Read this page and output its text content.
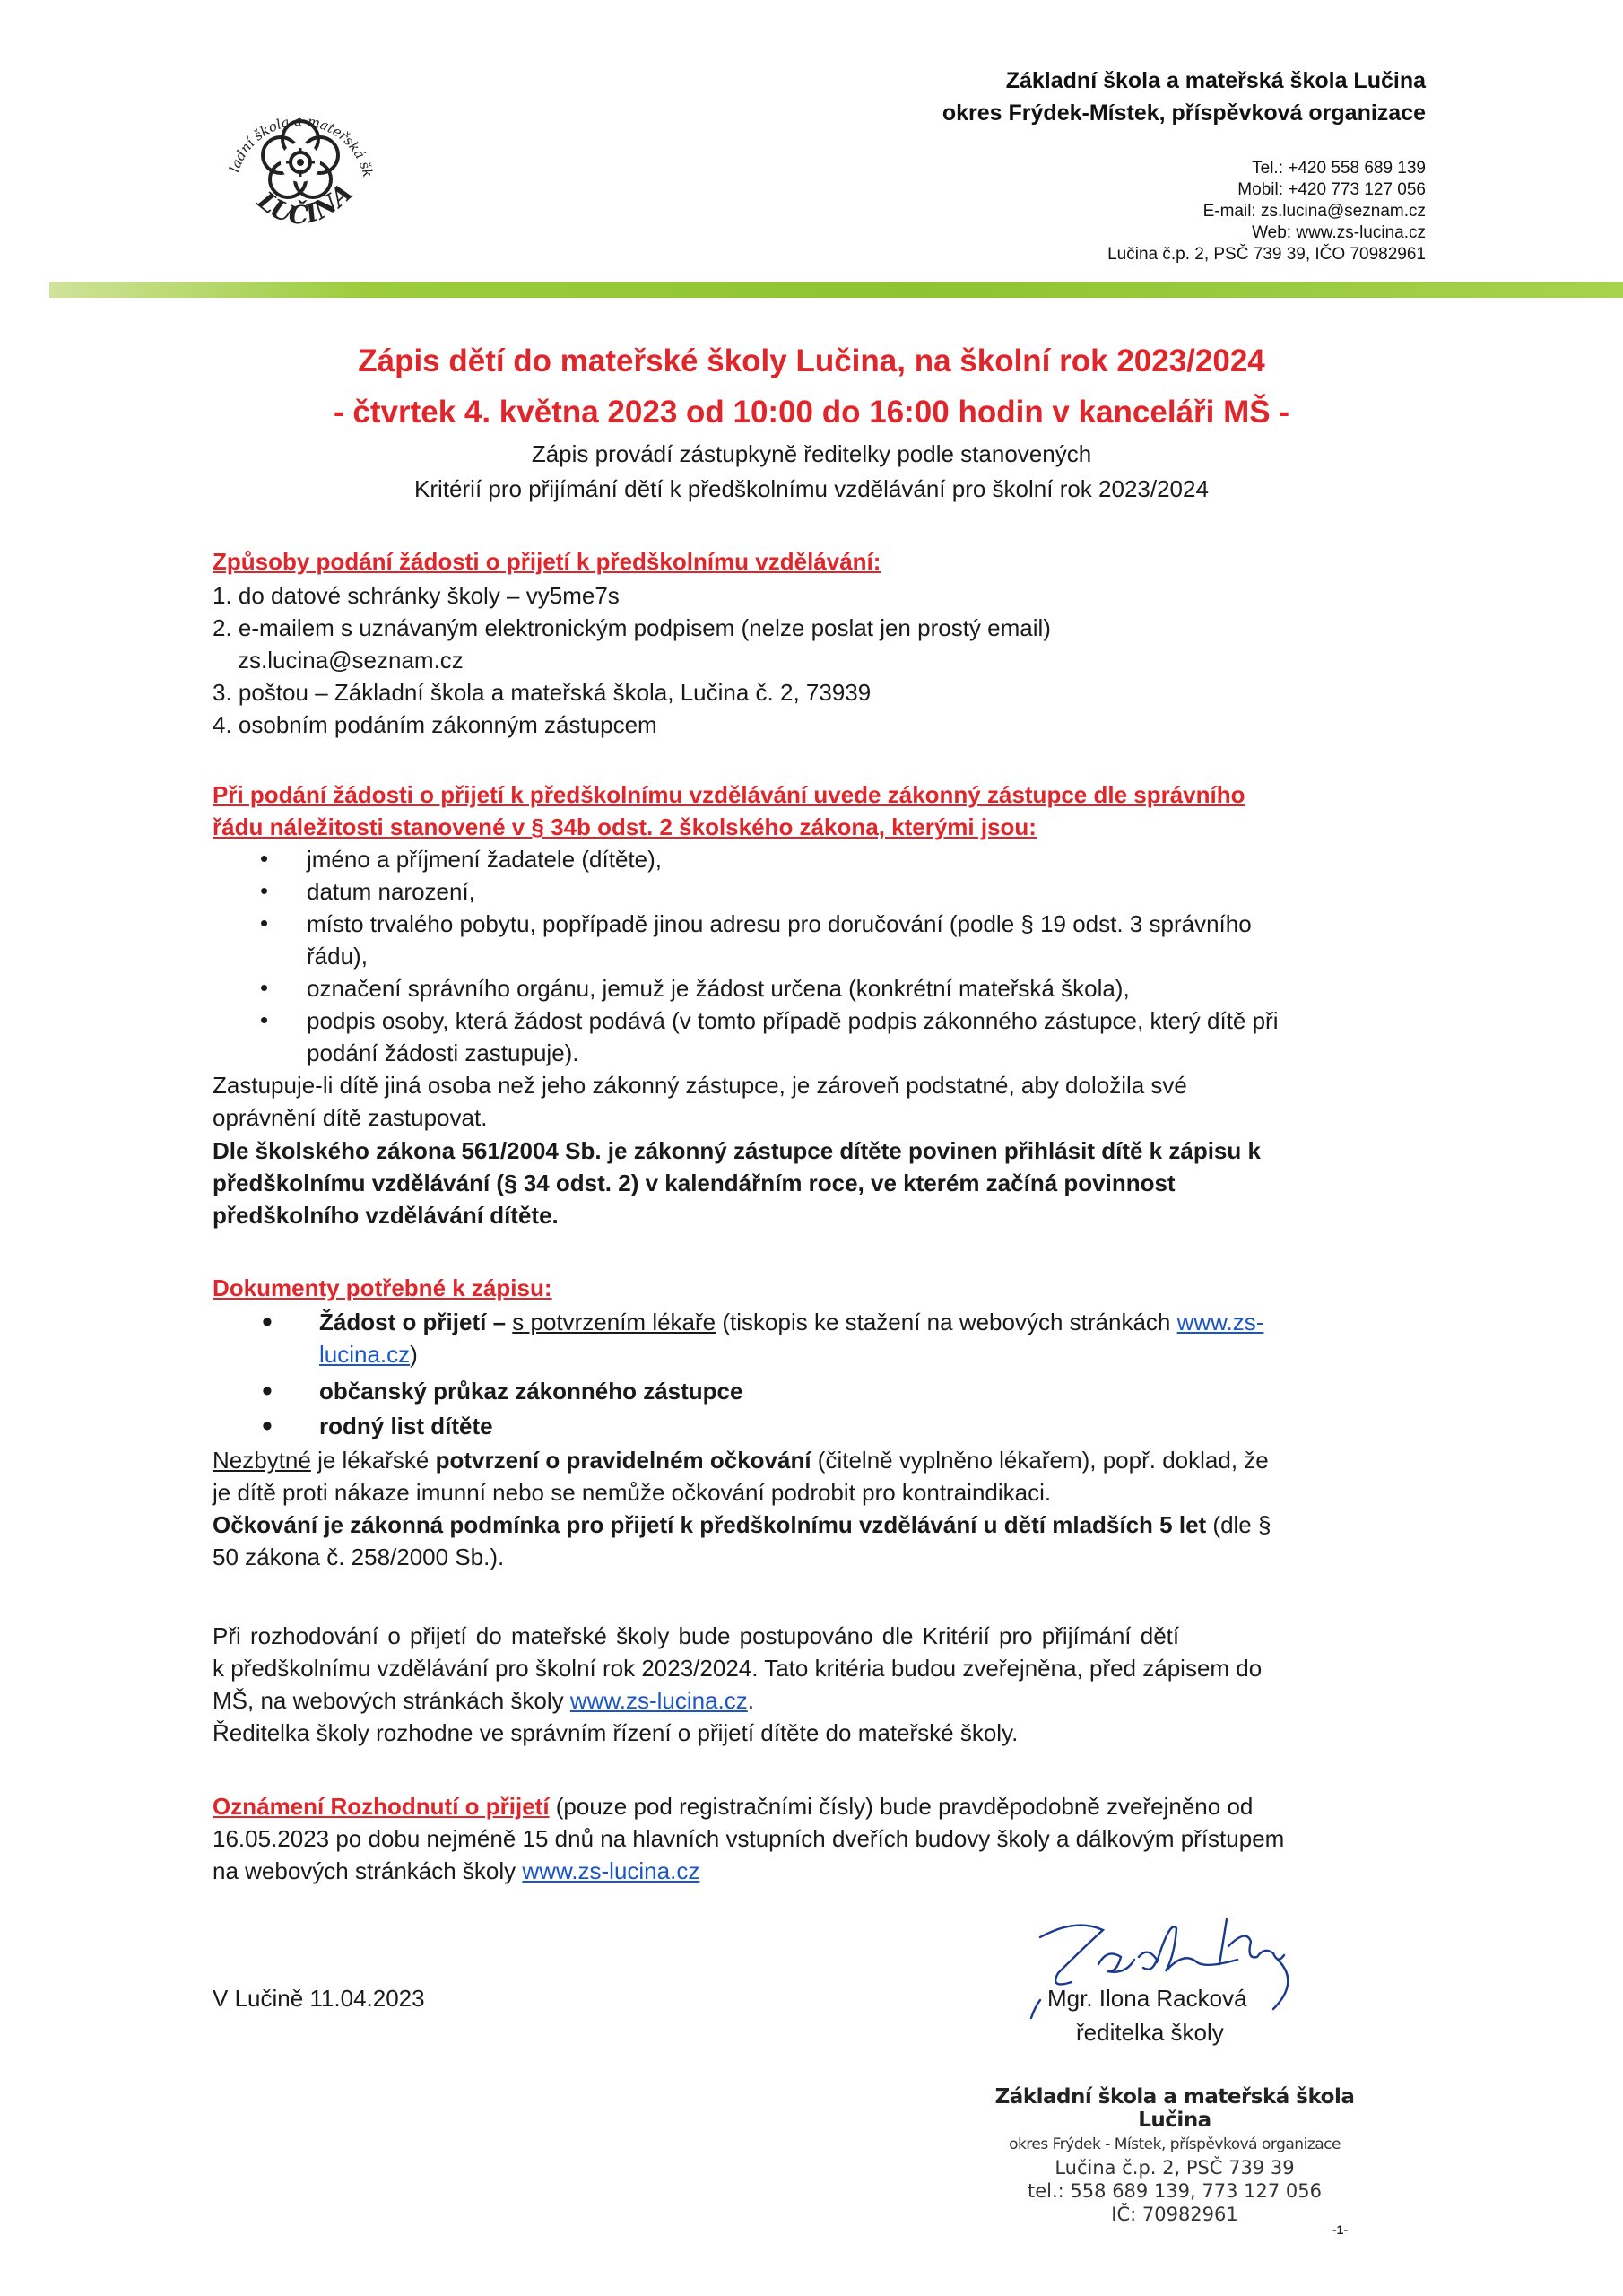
ladní škola a mateřská šk
LUČINA
Základní škola a mateřská škola Lučina
okres Frýdek-Místek, příspěvková organizace
Tel.: +420 558 689 139
Mobil: +420 773 127 056
E-mail: zs.lucina@seznam.cz
Web: www.zs-lucina.cz
Lučina č.p. 2, PSČ 739 39, IČO 70982961
Zápis dětí do mateřské školy Lučina, na školní rok 2023/2024
- čtvrtek 4. května 2023 od 10:00 do 16:00 hodin v kanceláři MŠ -
Zápis provádí zástupkyně ředitelky podle stanovených
Kritérií pro přijímání dětí k předškolnímu vzdělávání pro školní rok 2023/2024
Způsoby podání žádosti o přijetí k předškolnímu vzdělávání:
1. do datové schránky školy – vy5me7s
2. e-mailem s uznávaným elektronickým podpisem (nelze poslat jen prostý email)
zs.lucina@seznam.cz
3. poštou – Základní škola a mateřská škola, Lučina č. 2, 73939
4. osobním podáním zákonným zástupcem
Při podání žádosti o přijetí k předškolnímu vzdělávání uvede zákonný zástupce dle správního
řádu náležitosti stanovené v § 34b odst. 2 školského zákona, kterými jsou:
• jméno a příjmení žadatele (dítěte),
• datum narození,
• místo trvalého pobytu, popřípadě jinou adresu pro doručování (podle § 19 odst. 3 správního
řádu),
• označení správního orgánu, jemuž je žádost určena (konkrétní mateřská škola),
• podpis osoby, která žádost podává (v tomto případě podpis zákonného zástupce, který dítě při
podání žádosti zastupuje).
Zastupuje-li dítě jiná osoba než jeho zákonný zástupce, je zároveň podstatné, aby doložila své
oprávnění dítě zastupovat.
Dle školského zákona 561/2004 Sb. je zákonný zástupce dítěte povinen přihlásit dítě k zápisu k
předškolnímu vzdělávání (§ 34 odst. 2) v kalendářním roce, ve kterém začíná povinnost
předškolního vzdělávání dítěte.
Dokumenty potřebné k zápisu:
• Žádost o přijetí – s potvrzením lékaře (tiskopis ke stažení na webových stránkách www.zs-
lucina.cz)
• občanský průkaz zákonného zástupce
• rodný list dítěte
Nezbytné je lékařské potvrzení o pravidelném očkování (čitelně vyplněno lékařem), popř. doklad, že
je dítě proti nákaze imunní nebo se nemůže očkování podrobit pro kontraindikaci.
Očkování je zákonná podmínka pro přijetí k předškolnímu vzdělávání u dětí mladších 5 let (dle §
50 zákona č. 258/2000 Sb.).
Při rozhodování o přijetí do mateřské školy bude postupováno dle Kritérií pro přijímání dětí
k předškolnímu vzdělávání pro školní rok 2023/2024. Tato kritéria budou zveřejněna, před zápisem do
MŠ, na webových stránkách školy www.zs-lucina.cz.
Ředitelka školy rozhodne ve správním řízení o přijetí dítěte do mateřské školy.
Oznámení Rozhodnutí o přijetí (pouze pod registračními čísly) bude pravděpodobně zveřejněno od
16.05.2023 po dobu nejméně 15 dnů na hlavních vstupních dveřích budovy školy a dálkovým přístupem
na webových stránkách školy www.zs-lucina.cz
V Lučině 11.04.2023	Mgr. Ilona Racková
ředitelka školy
Základní škola a mateřská škola Lučina
okres Frýdek - Místek, příspěvková organizace
Lučina č.p. 2, PSČ 739 39
tel.: 558 689 139, 773 127 056
IČ: 70982961
-1-
